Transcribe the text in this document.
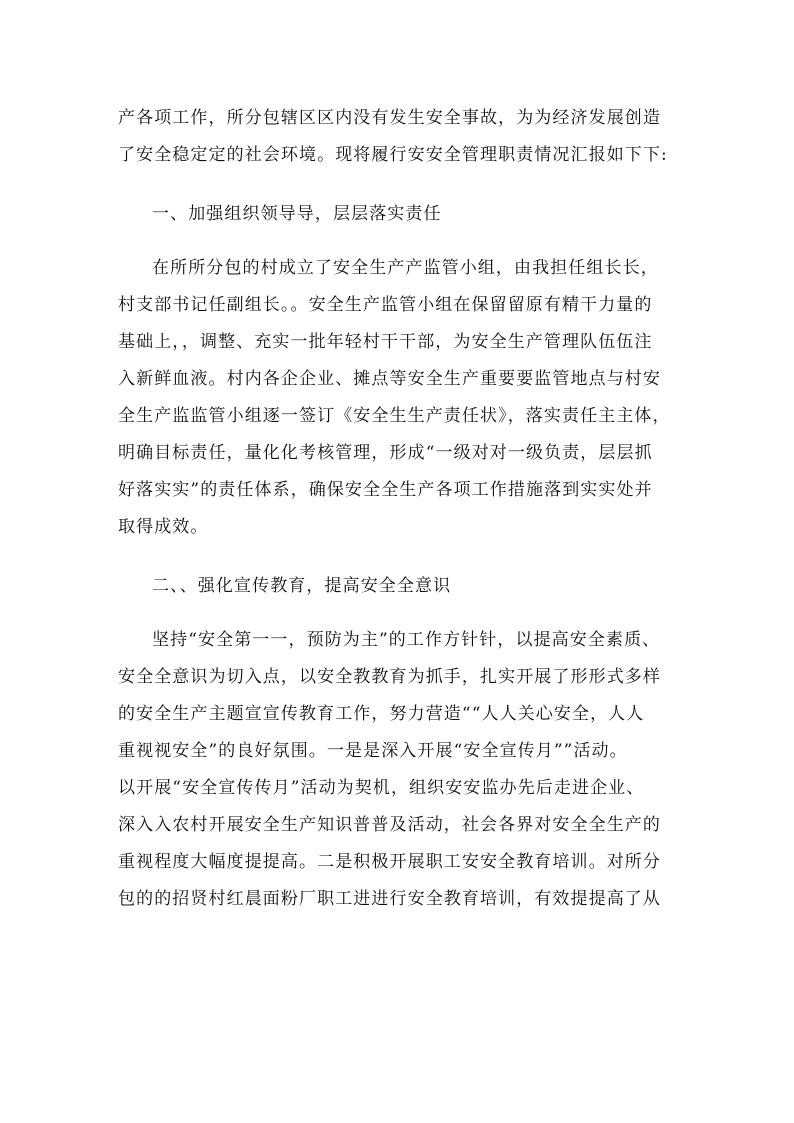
产各项工作，所分包辖区区内没有发生安全事故，为为经济发展创造
了安全稳定定的社会环境。现将履行安安全管理职责情况汇报如下下:
一、加强组织领导导，层层落实责任
在所所分包的村成立了安全生产产监管小组，由我担任组长长，
村支部书记任副组长。。安全生产监管小组在保留留原有精干力量的
基础上，，调整、充实一批年轻村干干部，为安全生产管理队伍伍注
入新鲜血液。村内各企企业、摊点等安全生产重要要监管地点与村安
全生产监监管小组逐一签订《安全生生产责任状》，落实责任主主体，
明确目标责任，量化化考核管理，形成“一级对对一级负责，层层抓
好落实实”的责任体系，确保安全全生产各项工作措施落到实实处并
取得成效。
二、、强化宣传教育，提高安全全意识
坚持“安全第一一，预防为主”的工作方针针，以提高安全素质、
安全全意识为切入点，以安全教教育为抓手，扎实开展了形形式多样
的安全生产主题宣宣传教育工作，努力营造““人人关心安全，人人
重视视安全”的良好氛围。一是是深入开展“安全宣传月””活动。
以开展“安全宣传传月”活动为契机，组织安安监办先后走进企业、
深入入农村开展安全生产知识普普及活动，社会各界对安全全生产的
重视程度大幅度提提高。二是积极开展职工安安全教育培训。对所分
包的的招贤村红晨面粉厂职工进进行安全教育培训，有效提提高了从
